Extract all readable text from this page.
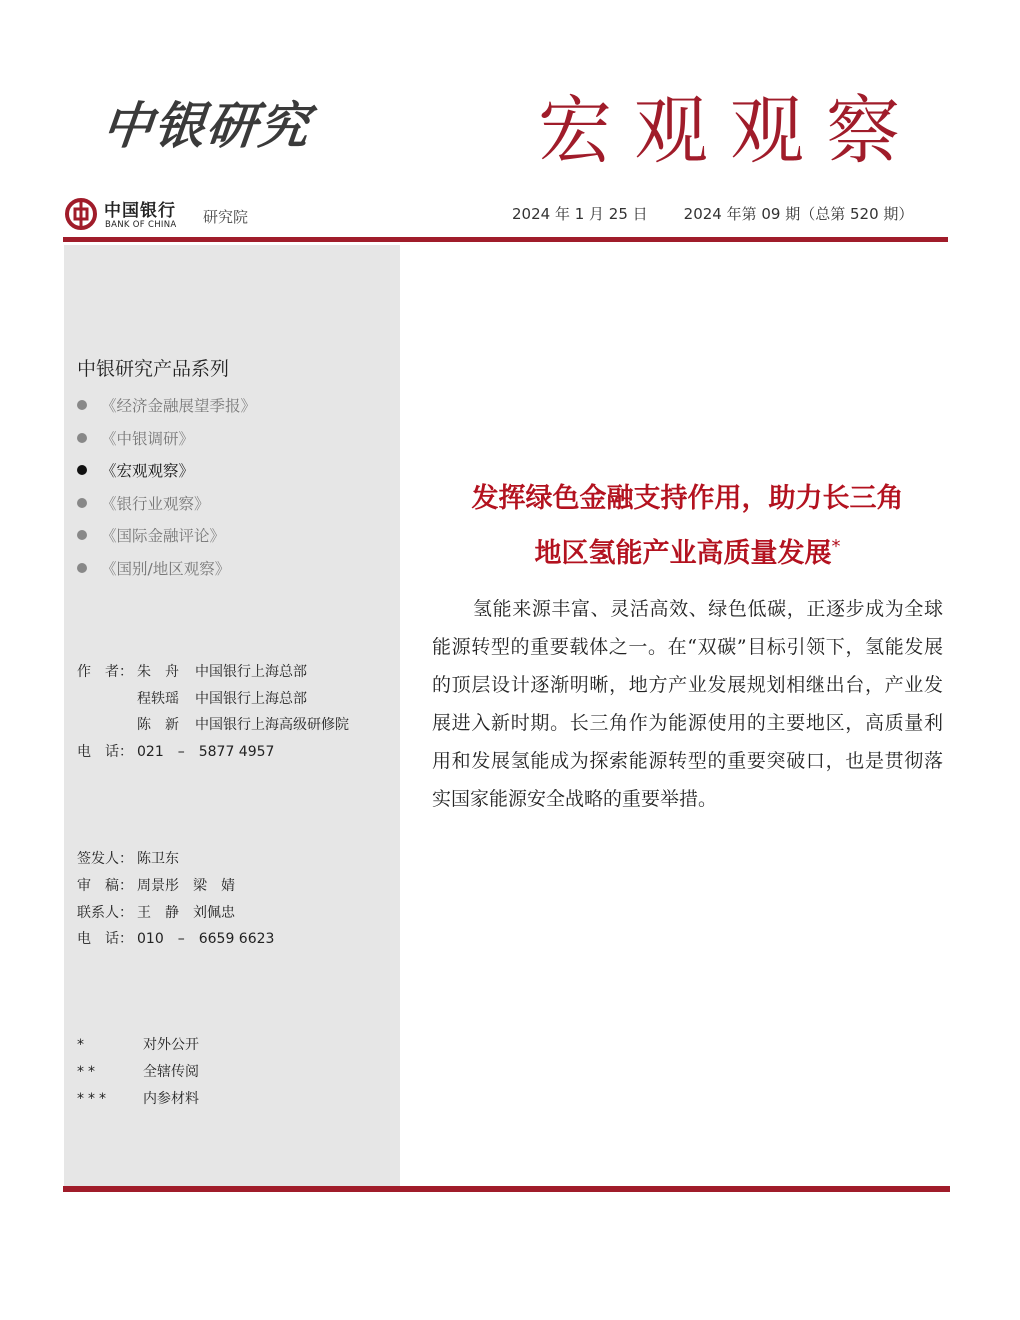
中银研究	宏观观察
中国银行
BANK OF CHINA 研究院	2024 年 1 月 25 日 2024 年第 09 期（总第 520 期）
中银研究产品系列
《经济金融展望季报》
《中银调研》
《宏观观察》
《银行业观察》
《国际金融评论》
《国别/地区观察》
作　者： 朱　舟 中国银行上海总部
程轶瑶 中国银行上海总部
陈　新 中国银行上海高级研修院
电　话： 021　–　5877 4957
签发人： 陈卫东
审　稿： 周景彤　梁　婧
联系人： 王　静　刘佩忠
电　话： 010　–　6659 6623
*	对外公开
**	全辖传阅
*** 内参材料
发挥绿色金融支持作用，助力长三角
地区氢能产业高质量发展*

氢能来源丰富、灵活高效、绿色低碳，正逐步成为全球能源转型的重要载体之一。在“双碳”目标引领下，氢能发展的顶层设计逐渐明晰，地方产业发展规划相继出台，产业发展进入新时期。长三角作为能源使用的主要地区，高质量利用和发展氢能成为探索能源转型的重要突破口，也是贯彻落实国家能源安全战略的重要举措。
